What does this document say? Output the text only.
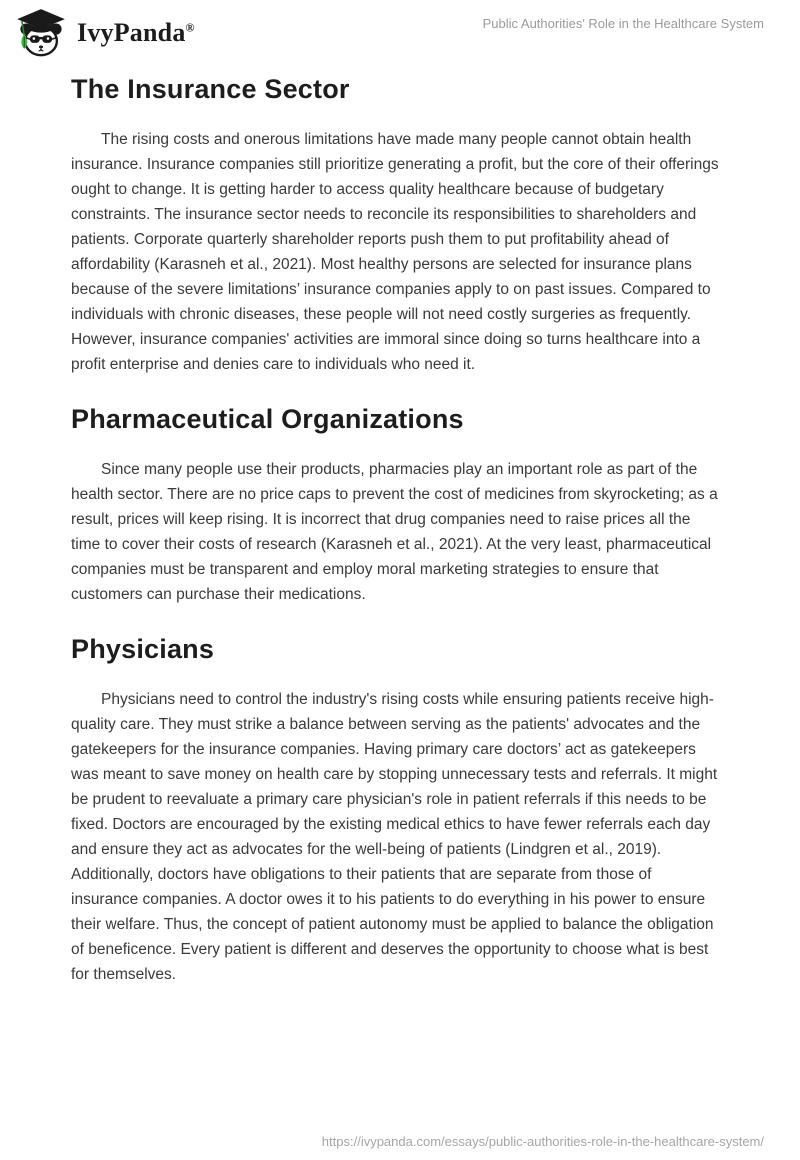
IvyPanda®	Public Authorities' Role in the Healthcare System
The Insurance Sector

The rising costs and onerous limitations have made many people cannot obtain health insurance. Insurance companies still prioritize generating a profit, but the core of their offerings ought to change. It is getting harder to access quality healthcare because of budgetary constraints. The insurance sector needs to reconcile its responsibilities to shareholders and patients. Corporate quarterly shareholder reports push them to put profitability ahead of affordability (Karasneh et al., 2021). Most healthy persons are selected for insurance plans because of the severe limitations’ insurance companies apply to on past issues. Compared to individuals with chronic diseases, these people will not need costly surgeries as frequently. However, insurance companies' activities are immoral since doing so turns healthcare into a profit enterprise and denies care to individuals who need it.

Pharmaceutical Organizations

Since many people use their products, pharmacies play an important role as part of the health sector. There are no price caps to prevent the cost of medicines from skyrocketing; as a result, prices will keep rising. It is incorrect that drug companies need to raise prices all the time to cover their costs of research (Karasneh et al., 2021). At the very least, pharmaceutical companies must be transparent and employ moral marketing strategies to ensure that customers can purchase their medications.

Physicians

Physicians need to control the industry's rising costs while ensuring patients receive high-quality care. They must strike a balance between serving as the patients' advocates and the gatekeepers for the insurance companies. Having primary care doctors’ act as gatekeepers was meant to save money on health care by stopping unnecessary tests and referrals. It might be prudent to reevaluate a primary care physician's role in patient referrals if this needs to be fixed. Doctors are encouraged by the existing medical ethics to have fewer referrals each day and ensure they act as advocates for the well-being of patients (Lindgren et al., 2019). Additionally, doctors have obligations to their patients that are separate from those of insurance companies. A doctor owes it to his patients to do everything in his power to ensure their welfare. Thus, the concept of patient autonomy must be applied to balance the obligation of beneficence. Every patient is different and deserves the opportunity to choose what is best for themselves.

https://ivypanda.com/essays/public-authorities-role-in-the-healthcare-system/
